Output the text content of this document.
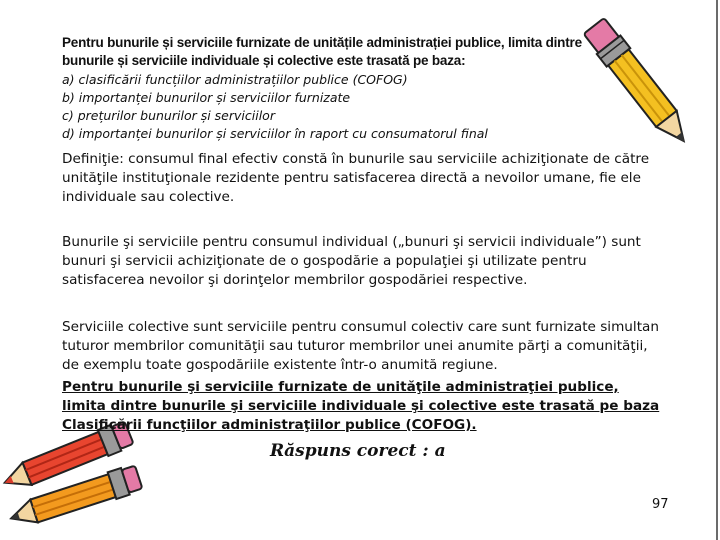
Pentru bunurile și serviciile furnizate de unitățile administrației publice, limita dintre bunurile și serviciile individuale și colective este trasată pe baza:

a) clasificării funcțiilor administrațiilor publice (COFOG)
b) importanței bunurilor și serviciilor furnizate
c) prețurilor bunurilor și serviciilor
d) importanței bunurilor și serviciilor în raport cu consumatorul final

Definiţie: consumul final efectiv constă în bunurile sau serviciile achiziţionate de către unităţile instituţionale rezidente pentru satisfacerea directă a nevoilor umane, fie ele individuale sau colective.

Bunurile şi serviciile pentru consumul individual („bunuri şi servicii individuale”) sunt bunuri şi servicii achiziţionate de o gospodărie a populaţiei şi utilizate pentru satisfacerea nevoilor şi dorinţelor membrilor gospodăriei respective.

Serviciile colective sunt serviciile pentru consumul colectiv care sunt furnizate simultan tuturor membrilor comunităţii sau tuturor membrilor unei anumite părţi a comunităţii, de exemplu toate gospodăriile existente într-o anumită regiune.

Pentru bunurile şi serviciile furnizate de unităţile administraţiei publice, limita dintre bunurile şi serviciile individuale şi colective este trasată pe baza Clasificării funcţiilor administraţiilor publice (COFOG).

Răspuns corect : a

97
